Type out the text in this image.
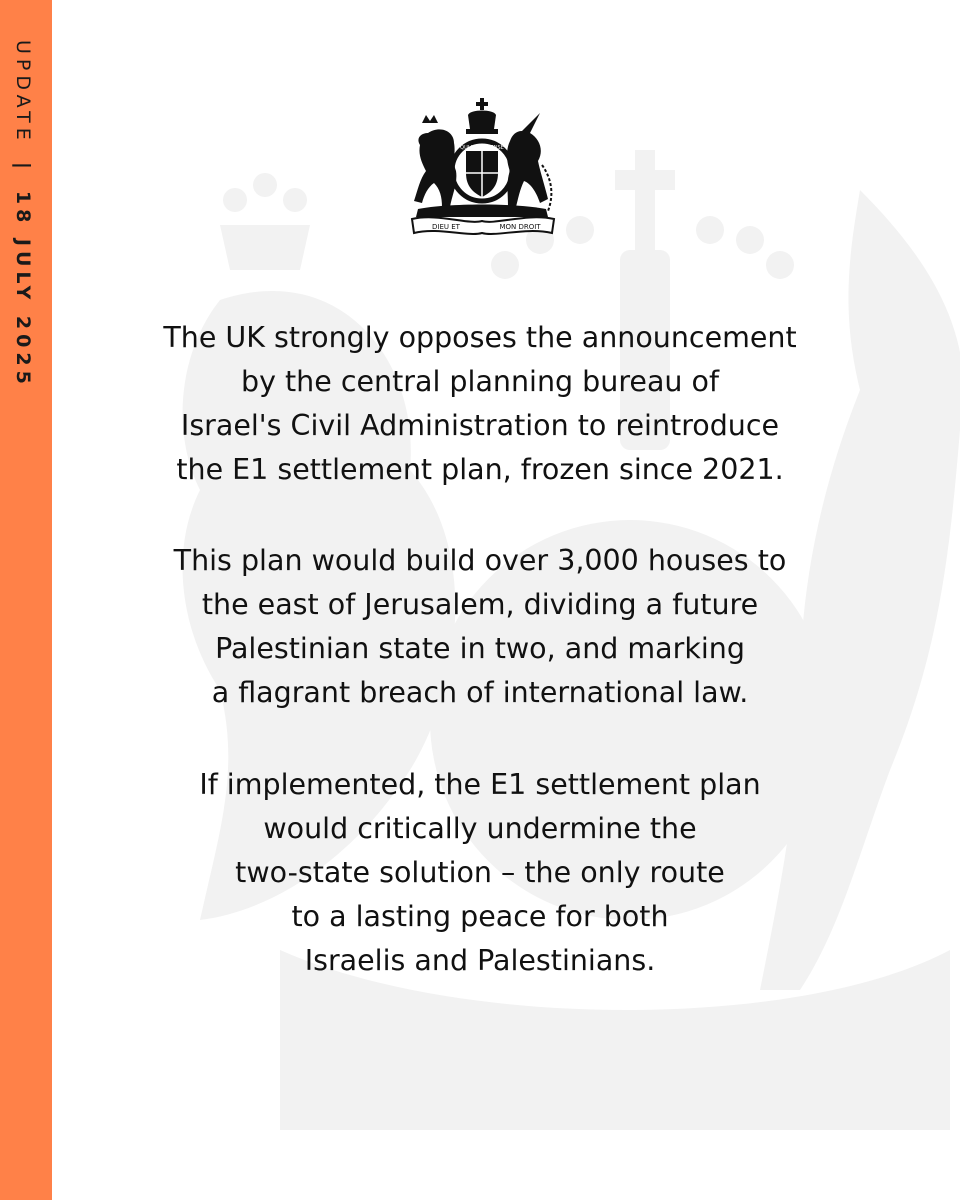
UPDATE | 18 JULY 2025	DIEU ET	MON DROIT
QUI MAL Y PENSE
The UK strongly opposes the announcement
by the central planning bureau of
Israel's Civil Administration to reintroduce
the E1 settlement plan, frozen since 2021.
This plan would build over 3,000 houses to
the east of Jerusalem, dividing a future
Palestinian state in two, and marking
a flagrant breach of international law.
If implemented, the E1 settlement plan
would critically undermine the
two-state solution – the only route
to a lasting peace for both
Israelis and Palestinians.
